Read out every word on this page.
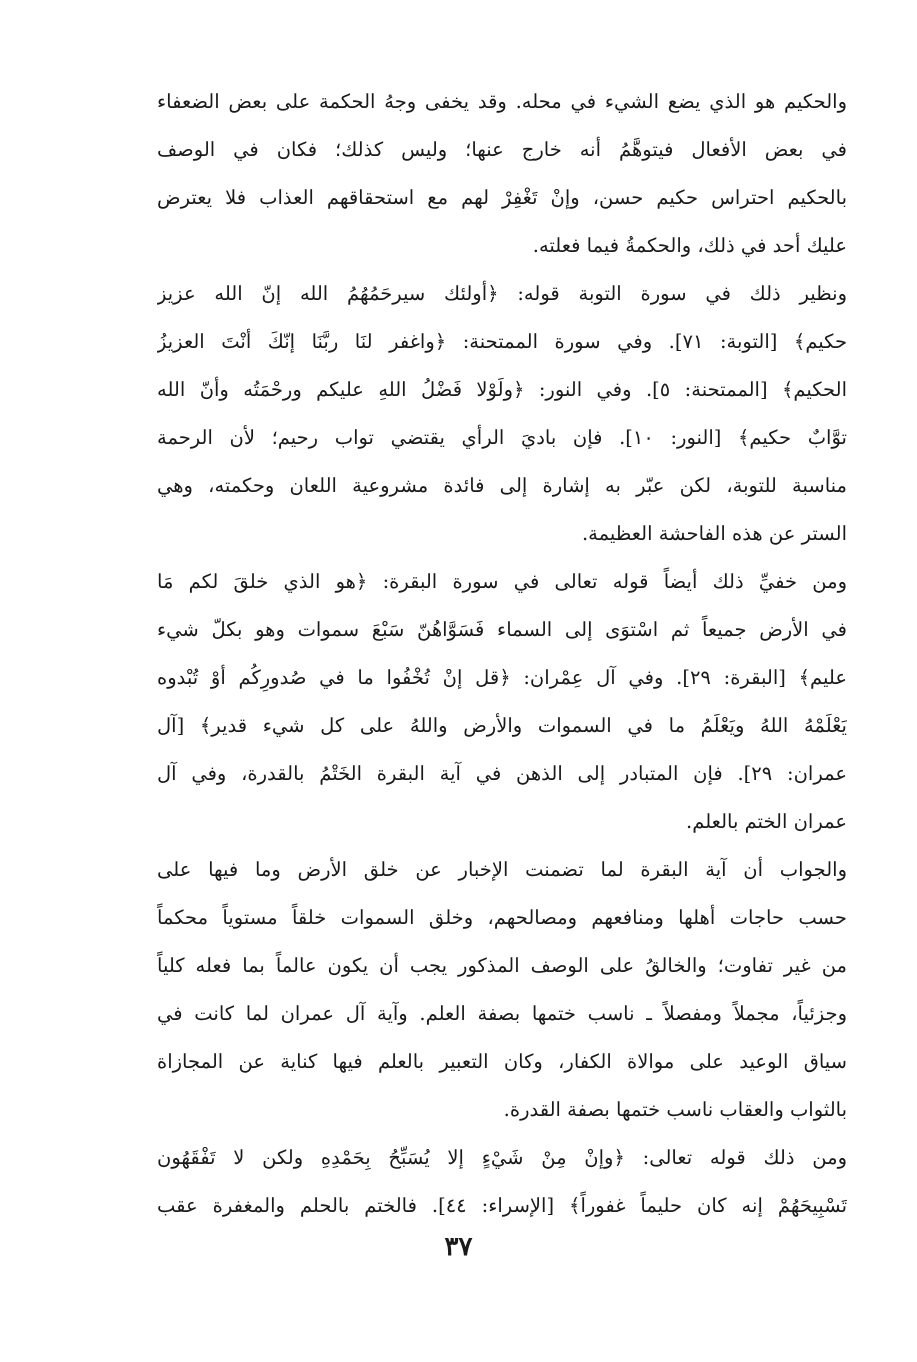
والحكيم هو الذي يضع الشيء في محله. وقد يخفى وجهُ الحكمة على بعض الضعفاء
في بعض الأفعال فيتوهَّمُ أنه خارج عنها؛ وليس كذلك؛ فكان في الوصف
بالحكيم احتراس حكيم حسن، وإنْ تَغْفِرْ لهم مع استحقاقهم العذاب فلا يعترض
عليك أحد في ذلك، والحكمةُ فيما فعلته.
ونظير ذلك في سورة التوبة قوله: ﴿أولئك سيرحَمُهُمُ الله إنّ الله عزيز
حكيم﴾ [التوبة: ٧١]. وفي سورة الممتحنة: ﴿واغفر لنَا ربَّنَا إنّكَ أنْتَ العزيزُ
الحكيم﴾ [الممتحنة: ٥]. وفي النور: ﴿ولَوْلا فَضْلُ اللهِ عليكم ورحْمَتُه وأنّ الله
توَّابٌ حكيم﴾ [النور: ١٠]. فإن باديَ الرأي يقتضي تواب رحيم؛ لأن الرحمة
مناسبة للتوبة، لكن عبّر به إشارة إلى فائدة مشروعية اللعان وحكمته، وهي
الستر عن هذه الفاحشة العظيمة.
ومن خفيِّ ذلك أيضاً قوله تعالى في سورة البقرة: ﴿هو الذي خلقَ لكم مَا
في الأرض جميعاً ثم اسْتوَى إلى السماء فَسَوَّاهُنّ سَبْعَ سموات وهو بكلّ شيء
عليم﴾ [البقرة: ٢٩]. وفي آل عِمْران: ﴿قل إنْ تُخْفُوا ما في صُدورِكُم أوْ تُبْدوه
يَعْلَمْهُ اللهُ ويَعْلَمُ ما في السموات والأرض واللهُ على كل شيء قدير﴾ [آل
عمران: ٢٩]. فإن المتبادر إلى الذهن في آية البقرة الخَتْمُ بالقدرة، وفي آل
عمران الختم بالعلم.
والجواب أن آية البقرة لما تضمنت الإخبار عن خلق الأرض وما فيها على
حسب حاجات أهلها ومنافعهم ومصالحهم، وخلق السموات خلقاً مستوياً محكماً
من غير تفاوت؛ والخالقُ على الوصف المذكور يجب أن يكون عالماً بما فعله كلياً
وجزئياً، مجملاً ومفصلاً ـ ناسب ختمها بصفة العلم. وآية آل عمران لما كانت في
سياق الوعيد على موالاة الكفار، وكان التعبير بالعلم فيها كناية عن المجازاة
بالثواب والعقاب ناسب ختمها بصفة القدرة.
ومن ذلك قوله تعالى: ﴿وإنْ مِنْ شَيْءٍ إلا يُسَبِّحُ بِحَمْدِهِ ولكن لا تَفْقَهُون
تَسْبِيحَهُمْ إنه كان حليماً غفوراً﴾ [الإسراء: ٤٤]. فالختم بالحلم والمغفرة عقب
٣٧
